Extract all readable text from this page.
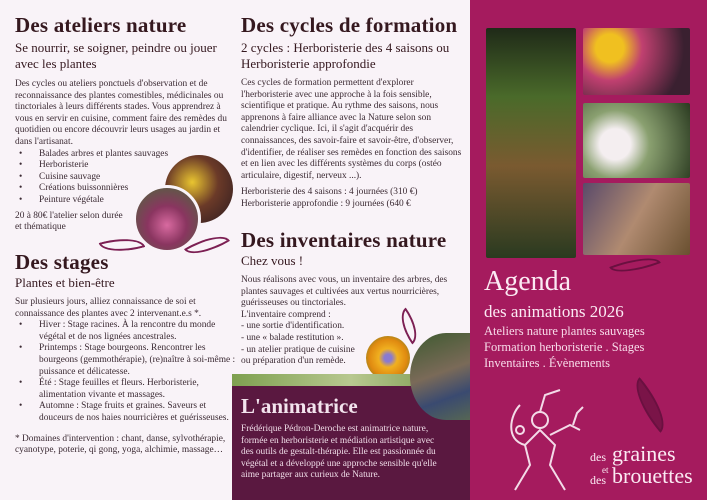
Des ateliers nature
Se nourrir, se soigner, peindre ou jouer avec les plantes

Des cycles ou ateliers ponctuels d'observation et de reconnaissance des plantes comestibles, médicinales ou tinctoriales à leurs différents stades. Vous apprendrez à vous en servir en cuisine, comment faire des remèdes du quotidien ou encore découvrir leurs usages au jardin et dans l'artisanat.

• Balades arbres et plantes sauvages
• Herboristerie
• Cuisine sauvage
• Créations buissonnières
• Peinture végétale

20 à 80€ l'atelier selon durée et thématique

Des stages
Plantes et bien-être

Sur plusieurs jours, alliez connaissance de soi et connaissance des plantes avec 2 intervenant.e.s *.

• Hiver : Stage racines. À la rencontre du monde végétal et de nos lignées ancestrales.
• Printemps : Stage bourgeons. Rencontrer les bourgeons (gemmothérapie), (re)naître à soi-même : puissance et délicatesse.
• Été : Stage feuilles et fleurs. Herboristerie, alimentation vivante et massages.
• Automne : Stage fruits et graines. Saveurs et douceurs de nos haies nourricières et guérisseuses.

* Domaines d'intervention : chant, danse, sylvothérapie, cyanotype, poterie, qi gong, yoga, alchimie, massage…

Des cycles de formation
2 cycles : Herboristerie des 4 saisons ou Herboristerie approfondie

Ces cycles de formation permettent d'explorer l'herboristerie avec une approche à la fois sensible, scientifique et pratique. Au rythme des saisons, nous apprenons à faire alliance avec la Nature selon son calendrier cyclique. Ici, il s'agit d'acquérir des connaissances, des savoir-faire et savoir-être, d'observer, d'identifier, de réaliser ses remèdes en fonction des saisons et en lien avec les différents systèmes du corps (ostéo articulaire, digestif, nerveux ...).

Herboristerie des 4 saisons : 4 journées (310 €)

Herboristerie approfondie : 9 journées (640 €

Des inventaires nature
Chez vous !

Nous réalisons avec vous, un inventaire des arbres, des plantes sauvages et cultivées aux vertus nourricières, guérisseuses ou tinctoriales.

L'inventaire comprend :

- une sortie d'identification.

- une « balade restitution ».

- un atelier pratique de cuisine

ou préparation d'un remède.

L'animatrice

Frédérique Pédron-Deroche est animatrice nature, formée en herboristerie et médiation artistique avec des outils de gestalt-thérapie. Elle est passionnée du végétal et a développé une approche sensible qu'elle aime partager aux curieux de Nature.

Agenda
des animations 2026
Ateliers nature plantes sauvages
Formation herboristerie . Stages
Inventaires . Évènements
des graines
et
des brouettes
